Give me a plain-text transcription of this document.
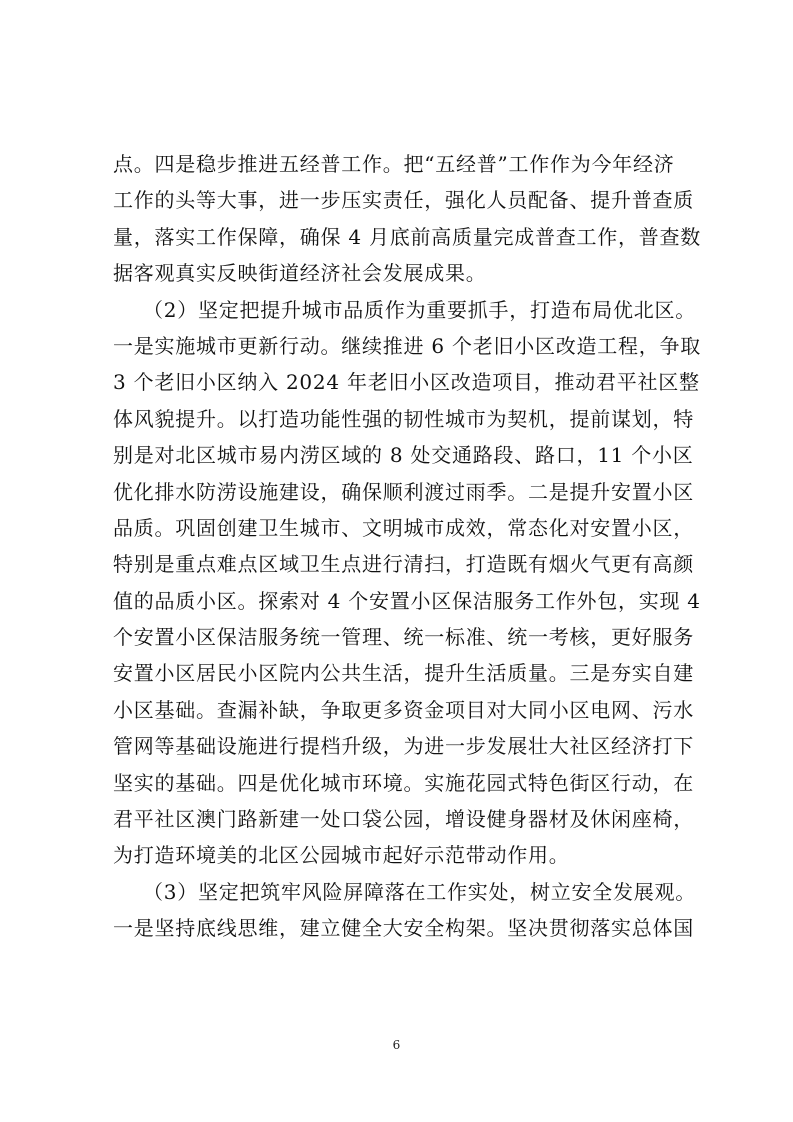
点。四是稳步推进五经普工作。把“五经普”工作作为今年经济
工作的头等大事，进一步压实责任，强化人员配备、提升普查质
量，落实工作保障，确保 4 月底前高质量完成普查工作，普查数
据客观真实反映街道经济社会发展成果。
（2）坚定把提升城市品质作为重要抓手，打造布局优北区。
一是实施城市更新行动。继续推进 6 个老旧小区改造工程，争取
3 个老旧小区纳入 2024 年老旧小区改造项目，推动君平社区整
体风貌提升。以打造功能性强的韧性城市为契机，提前谋划，特
别是对北区城市易内涝区域的 8 处交通路段、路口，11 个小区
优化排水防涝设施建设，确保顺利渡过雨季。二是提升安置小区
品质。巩固创建卫生城市、文明城市成效，常态化对安置小区，
特别是重点难点区域卫生点进行清扫，打造既有烟火气更有高颜
值的品质小区。探索对 4 个安置小区保洁服务工作外包，实现 4
个安置小区保洁服务统一管理、统一标准、统一考核，更好服务
安置小区居民小区院内公共生活，提升生活质量。三是夯实自建
小区基础。查漏补缺，争取更多资金项目对大同小区电网、污水
管网等基础设施进行提档升级，为进一步发展壮大社区经济打下
坚实的基础。四是优化城市环境。实施花园式特色街区行动，在
君平社区澳门路新建一处口袋公园，增设健身器材及休闲座椅，
为打造环境美的北区公园城市起好示范带动作用。
（3）坚定把筑牢风险屏障落在工作实处，树立安全发展观。
一是坚持底线思维，建立健全大安全构架。坚决贯彻落实总体国
6
